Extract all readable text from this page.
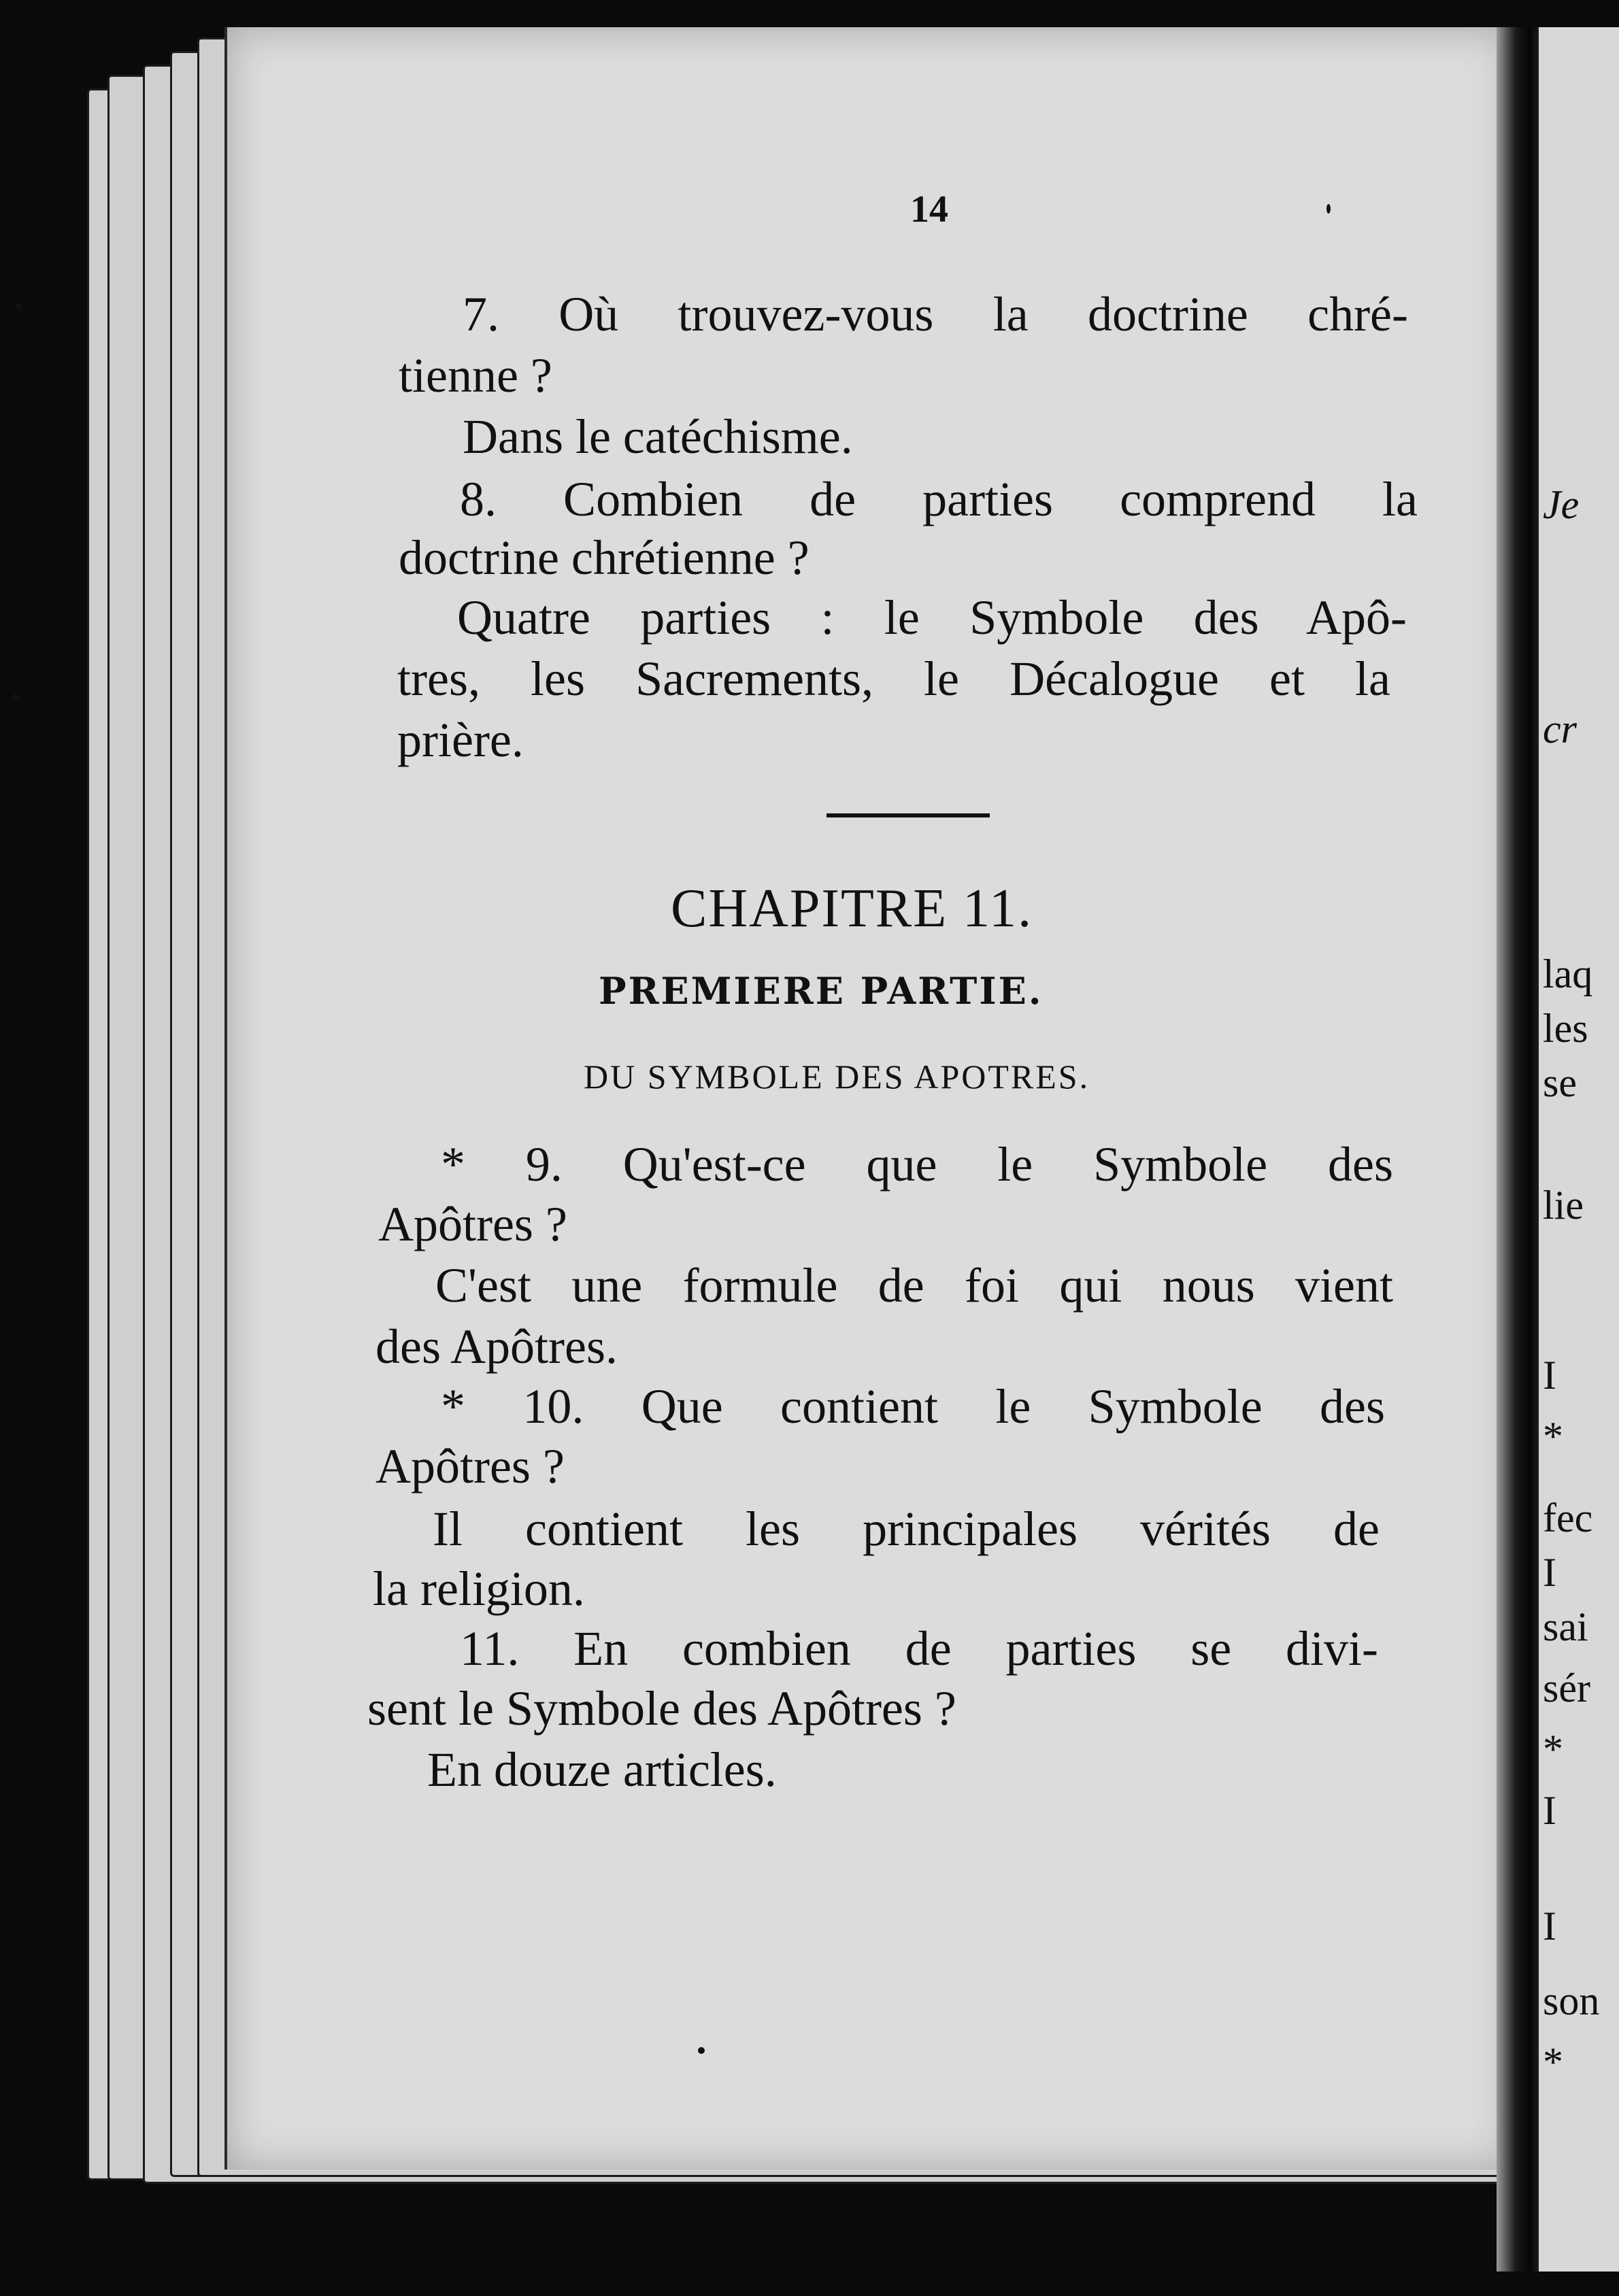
Je

cr

laq

les

se

lie

I

*

fec

I

sai

sér

*

I

I

son

*

14

7. Où trouvez-vous la doctrine chré-

tienne ?

Dans le catéchisme.

8. Combien de parties comprend la

doctrine chrétienne ?

Quatre parties : le Symbole des Apô-

tres, les Sacrements, le Décalogue et la

prière.

CHAPITRE 11.

PREMIERE PARTIE.

DU SYMBOLE DES APOTRES.

* 9. Qu'est-ce que le Symbole des

Apôtres ?

C'est une formule de foi qui nous vient

des Apôtres.

* 10. Que contient le Symbole des

Apôtres ?

Il contient les principales vérités de

la religion.

11. En combien de parties se divi-

sent le Symbole des Apôtres ?

En douze articles.
